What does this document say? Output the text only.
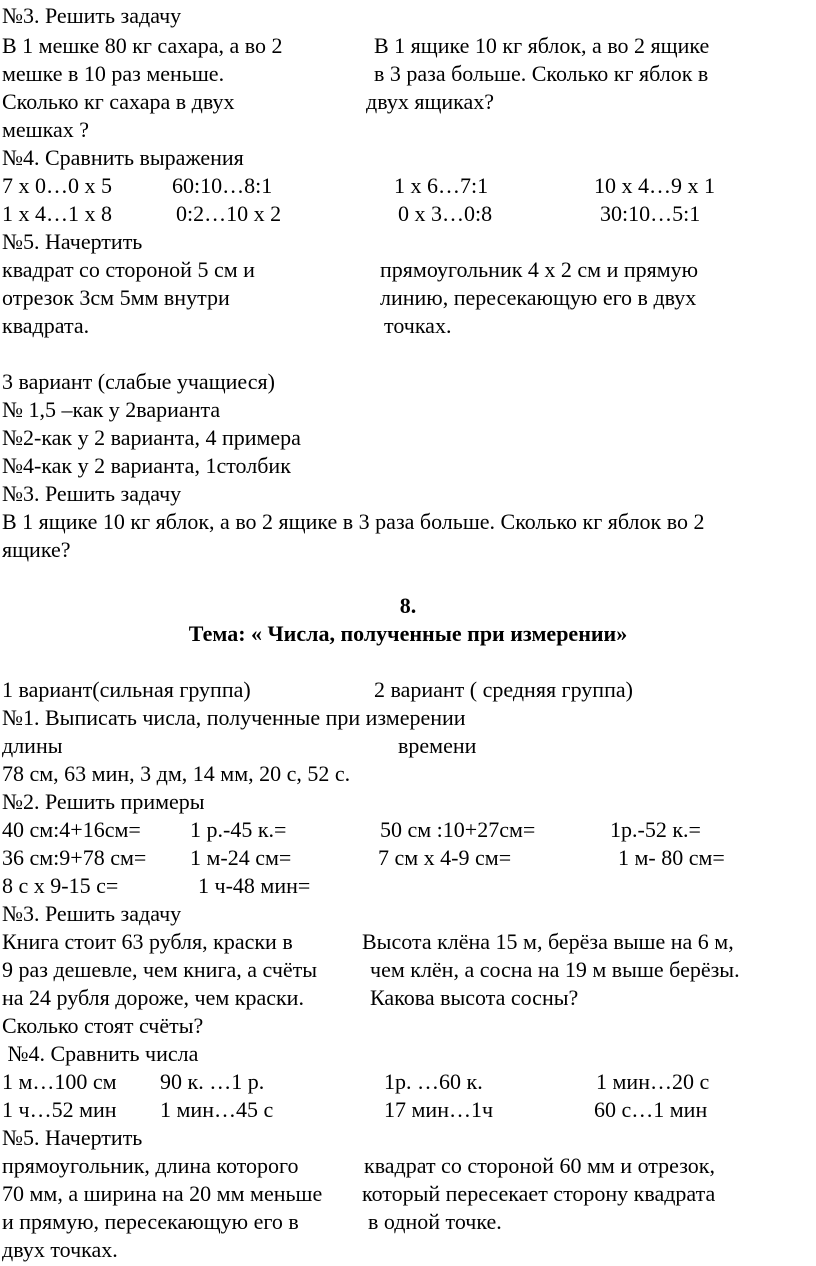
№3. Решить задачу
В 1 мешке 80 кг сахара, а во 2
мешке в 10 раз меньше.
Сколько кг сахара в двух
мешках ?
В 1 ящике 10 кг яблок, а во 2 ящике
в 3 раза больше. Сколько кг яблок в
двух ящиках?
№4. Сравнить выражения
7 х 0…0 х 5	60:10…8:1	1 х 6…7:1	10 х 4…9 х 1
1 х 4…1 х 8	0:2…10 х 2	0 х 3…0:8	30:10…5:1
№5. Начертить
квадрат со стороной 5 см и
отрезок 3см 5мм внутри
квадрата.
прямоугольник 4 х 2 см и прямую
линию, пересекающую его в двух
точках.
3 вариант (слабые учащиеся)
№ 1,5 –как у 2варианта
№2-как у 2 варианта, 4 примера
№4-как у 2 варианта, 1столбик
№3. Решить задачу
В 1 ящике 10 кг яблок, а во 2 ящике в 3 раза больше. Сколько кг яблок во 2
ящике?
8.
Тема: « Числа, полученные при измерении»
1 вариант(сильная группа)	2 вариант ( средняя группа)
№1. Выписать числа, полученные при измерении
длины	времени
78 см, 63 мин, 3 дм, 14 мм, 20 с, 52 с.
№2. Решить примеры
40 см:4+16см= 1 р.-45 к.=	50 см :10+27см=	1р.-52 к.=
36 см:9+78 см= 1 м-24 см=	7 см х 4-9 см=	1 м- 80 см=
8 с х 9-15 с=	1 ч-48 мин=
№3. Решить задачу
Книга стоит 63 рубля, краски в
9 раз дешевле, чем книга, а счёты
на 24 рубля дороже, чем краски.
Сколько стоят счёты?
Высота клёна 15 м, берёза выше на 6 м,
чем клён, а сосна на 19 м выше берёзы.
Какова высота сосны?
№4. Сравнить числа
1 м…100 см 90 к. …1 р.	1р. …60 к.	1 мин…20 с
1 ч…52 мин 1 мин…45 с	17 мин…1ч	60 с…1 мин
№5. Начертить
прямоугольник, длина которого
70 мм, а ширина на 20 мм меньше
и прямую, пересекающую его в
двух точках.
квадрат со стороной 60 мм и отрезок,
который пересекает сторону квадрата
в одной точке.
